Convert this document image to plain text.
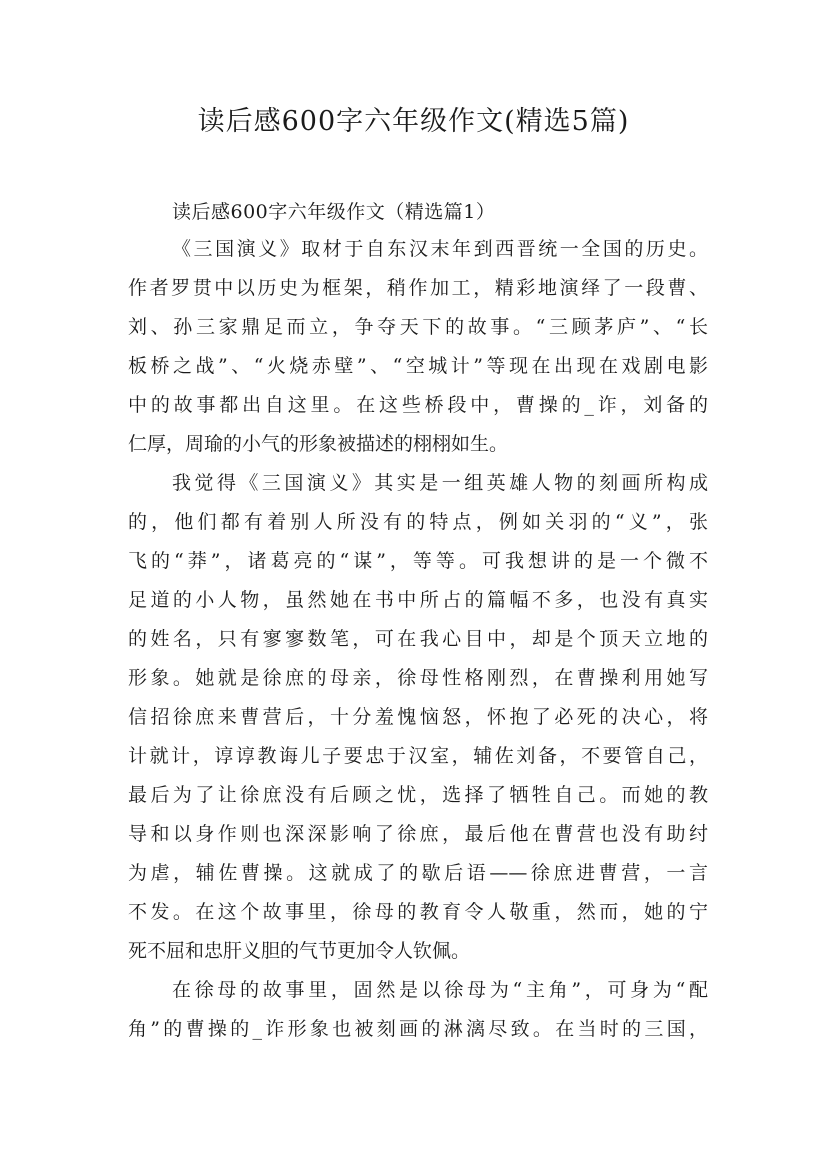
读后感600字六年级作文(精选5篇)
读后感600字六年级作文（精选篇1）
《三国演义》取材于自东汉末年到西晋统一全国的历史。
作者罗贯中以历史为框架，稍作加工，精彩地演绎了一段曹、
刘、孙三家鼎足而立，争夺天下的故事。“三顾茅庐”、“长
板桥之战”、“火烧赤壁”、“空城计”等现在出现在戏剧电影
中的故事都出自这里。在这些桥段中，曹操的_诈，刘备的
仁厚，周瑜的小气的形象被描述的栩栩如生。
我觉得《三国演义》其实是一组英雄人物的刻画所构成
的，他们都有着别人所没有的特点，例如关羽的“义”，张
飞的“莽”，诸葛亮的“谋”，等等。可我想讲的是一个微不
足道的小人物，虽然她在书中所占的篇幅不多，也没有真实
的姓名，只有寥寥数笔，可在我心目中，却是个顶天立地的
形象。她就是徐庶的母亲，徐母性格刚烈，在曹操利用她写
信招徐庶来曹营后，十分羞愧恼怒，怀抱了必死的决心，将
计就计，谆谆教诲儿子要忠于汉室，辅佐刘备，不要管自己，
最后为了让徐庶没有后顾之忧，选择了牺牲自己。而她的教
导和以身作则也深深影响了徐庶，最后他在曹营也没有助纣
为虐，辅佐曹操。这就成了的歇后语——徐庶进曹营，一言
不发。在这个故事里，徐母的教育令人敬重，然而，她的宁
死不屈和忠肝义胆的气节更加令人钦佩。
在徐母的故事里，固然是以徐母为“主角”，可身为“配
角”的曹操的_诈形象也被刻画的淋漓尽致。在当时的三国，
